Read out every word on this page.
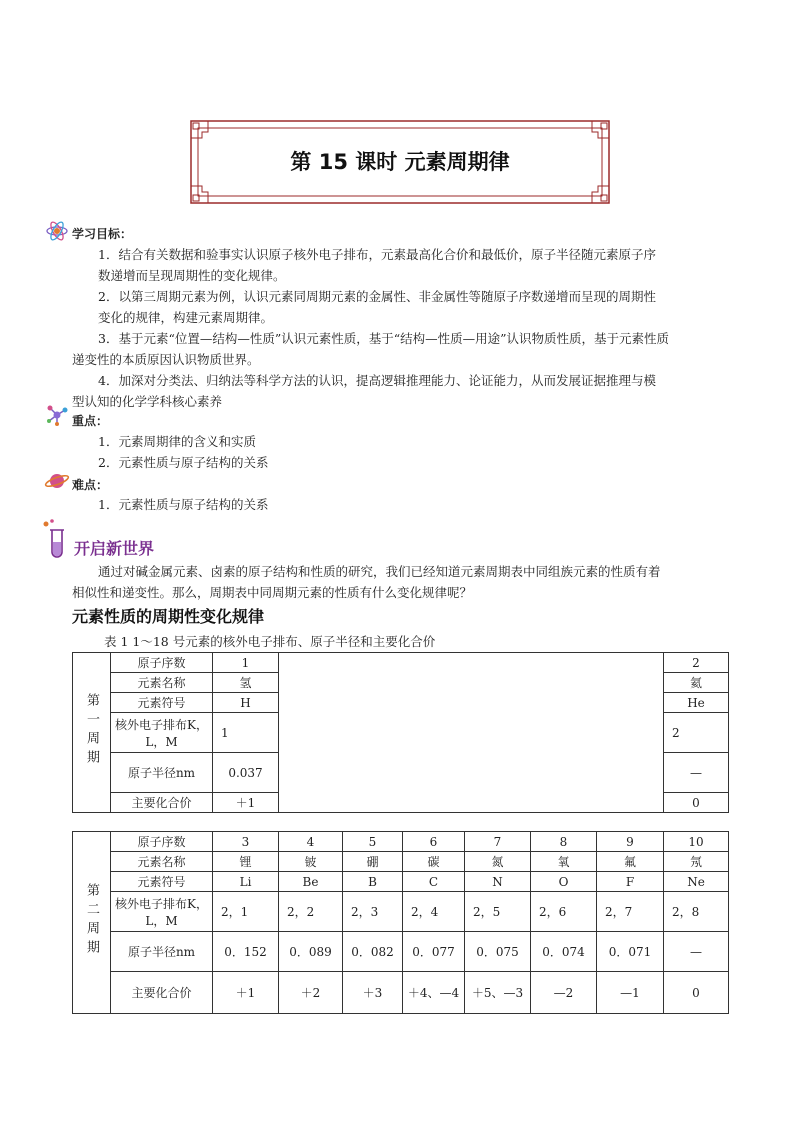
第 15 课时 元素周期律
学习目标：
1．结合有关数据和验事实认识原子核外电子排布，元素最高化合价和最低价，原子半径随元素原子序
数递增而呈现周期性的变化规律。
2．以第三周期元素为例，认识元素同周期元素的金属性、非金属性等随原子序数递增而呈现的周期性
变化的规律，构建元素周期律。
3．基于元素“位置—结构—性质”认识元素性质，基于“结构—性质—用途”认识物质性质，基于元素性质
递变性的本质原因认识物质世界。
4．加深对分类法、归纳法等科学方法的认识，提高逻辑推理能力、论证能力，从而发展证据推理与模
型认知的化学学科核心素养
重点：
1．元素周期律的含义和实质
2．元素性质与原子结构的关系
难点：
1．元素性质与原子结构的关系
开启新世界
通过对碱金属元素、卤素的原子结构和性质的研究，我们已经知道元素周期表中同组族元素的性质有着
相似性和递变性。那么，周期表中同周期元素的性质有什么变化规律呢？
元素性质的周期性变化规律
表 1 1～18 号元素的核外电子排布、原子半径和主要化合价
第一周期	原子序数	1		2
	元素名称	氢		氦
	元素符号	H		He
	核外电子排布K，L，M	1		2
	原子半径nm	0.037		—
	主要化合价	＋1		0
第二周期	原子序数	3	4	5	6	7	8	9	10
	元素名称	锂	铍	硼	碳	氮	氧	氟	氖
	元素符号	Li	Be	B	C	N	O	F	Ne
	核外电子排布K，L，M	2，1	2，2	2，3	2，4	2，5	2，6	2，7	2，8
	原子半径nm	0．152	0．089	0．082	0．077	0．075	0．074	0．071	—
	主要化合价	＋1	＋2	＋3	＋4、—4	＋5、—3	—2	—1	0
